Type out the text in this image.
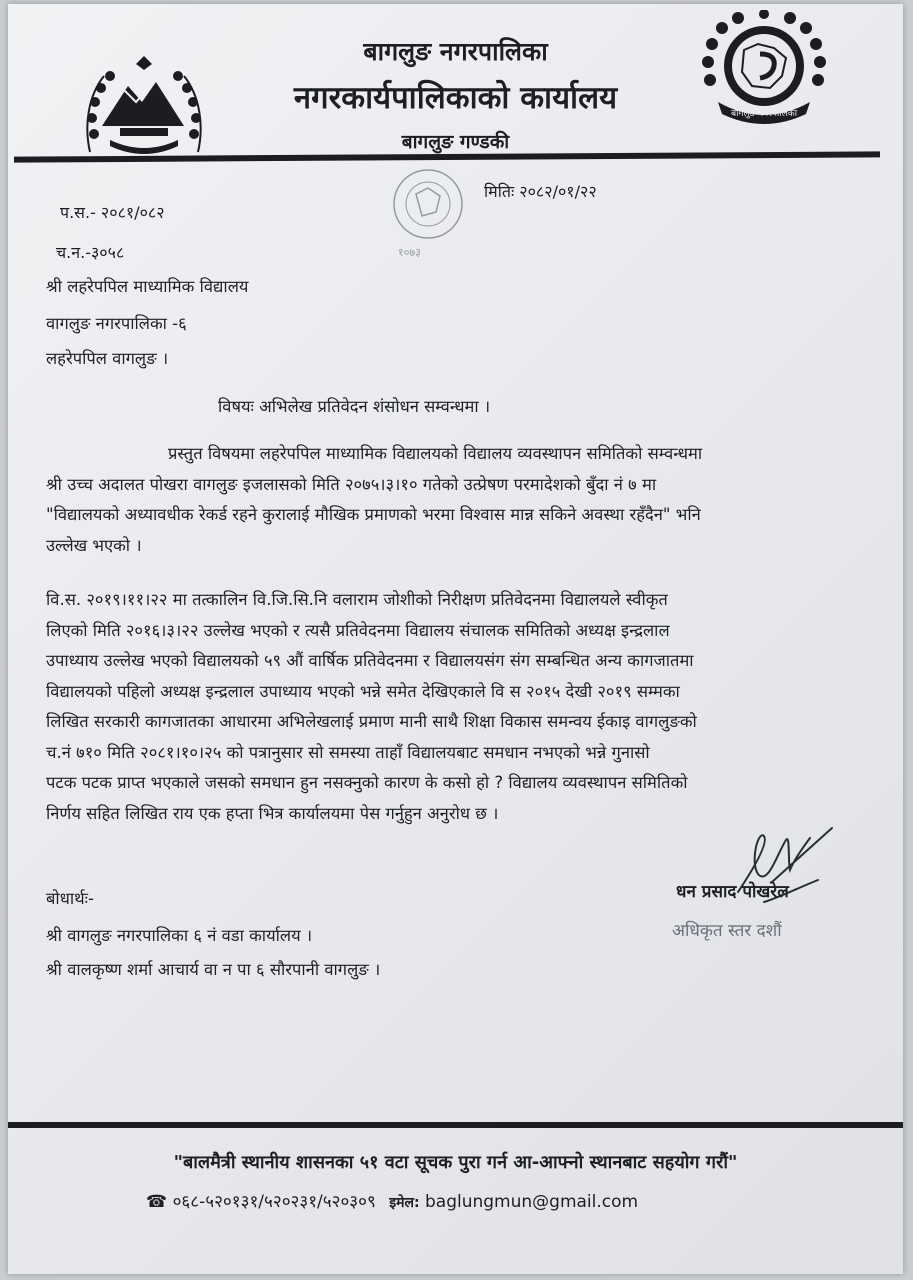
बागलुङ नगरपालिका
नगरकार्यपालिकाको कार्यालय
बागलुङ गण्डकी
बागलुङ नगरपालिका
प.स.- २०८१/०८२
च.न.-३०५८
मितिः २०८२/०१/२२
१०७३
श्री लहरेपपिल माध्यामिक विद्यालय
वागलुङ नगरपालिका -६
लहरेपपिल वागलुङ ।
विषयः अभिलेख प्रतिवेदन शंसोधन सम्वन्धमा ।
प्रस्तुत विषयमा लहरेपपिल माध्यामिक विद्यालयको विद्यालय व्यवस्थापन समितिको सम्वन्धमा
श्री उच्च अदालत पोखरा वागलुङ इजलासको मिति २०७५।३।१० गतेको उत्प्रेषण परमादेशको बुँदा नं ७ मा
"विद्यालयको अध्यावधीक रेकर्ड रहने कुरालाई मौखिक प्रमाणको भरमा विश्वास मान्न सकिने अवस्था रहँदैन" भनि
उल्लेख भएको ।
वि.स. २०१९।११।२२ मा तत्कालिन वि.जि.सि.नि वलाराम जोशीको निरीक्षण प्रतिवेदनमा विद्यालयले स्वीकृत
लिएको मिति २०१६।३।२२ उल्लेख भएको र त्यसै प्रतिवेदनमा विद्यालय संचालक समितिको अध्यक्ष इन्द्रलाल
उपाध्याय उल्लेख भएको विद्यालयको ५९ औं वार्षिक प्रतिवेदनमा र विद्यालयसंग संग सम्बन्धित अन्य कागजातमा
विद्यालयको पहिलो अध्यक्ष इन्द्रलाल उपाध्याय भएको भन्ने समेत देखिएकाले वि स २०१५ देखी २०१९ सम्मका
लिखित सरकारी कागजातका आधारमा अभिलेखलाई प्रमाण मानी साथै शिक्षा विकास समन्वय ईकाइ वागलुङको
च.नं ७१० मिति २०८१।१०।२५ को पत्रानुसार सो समस्या ताहाँ विद्यालयबाट समधान नभएको भन्ने गुनासो
पटक पटक प्राप्त भएकाले जसको समधान हुन नसक्नुको कारण के कसो हो ? विद्यालय व्यवस्थापन समितिको
निर्णय सहित लिखित राय एक हप्ता भित्र कार्यालयमा पेस गर्नुहुन अनुरोध छ ।
धन प्रसाद पोखरेल
अधिकृत स्तर दशौं
बोधार्थः-
श्री वागलुङ नगरपालिका ६ नं वडा कार्यालय ।
श्री वालकृष्ण शर्मा आचार्य वा न पा ६ सौरपानी वागलुङ ।
"बालमैत्री स्थानीय शासनका ५१ वटा सूचक पुरा गर्न आ-आफ्नो स्थानबाट सहयोग गरौं"
☎ ०६८-५२०१३१/५२०२३१/५२०३०९ इमेल: baglungmun@gmail.com
